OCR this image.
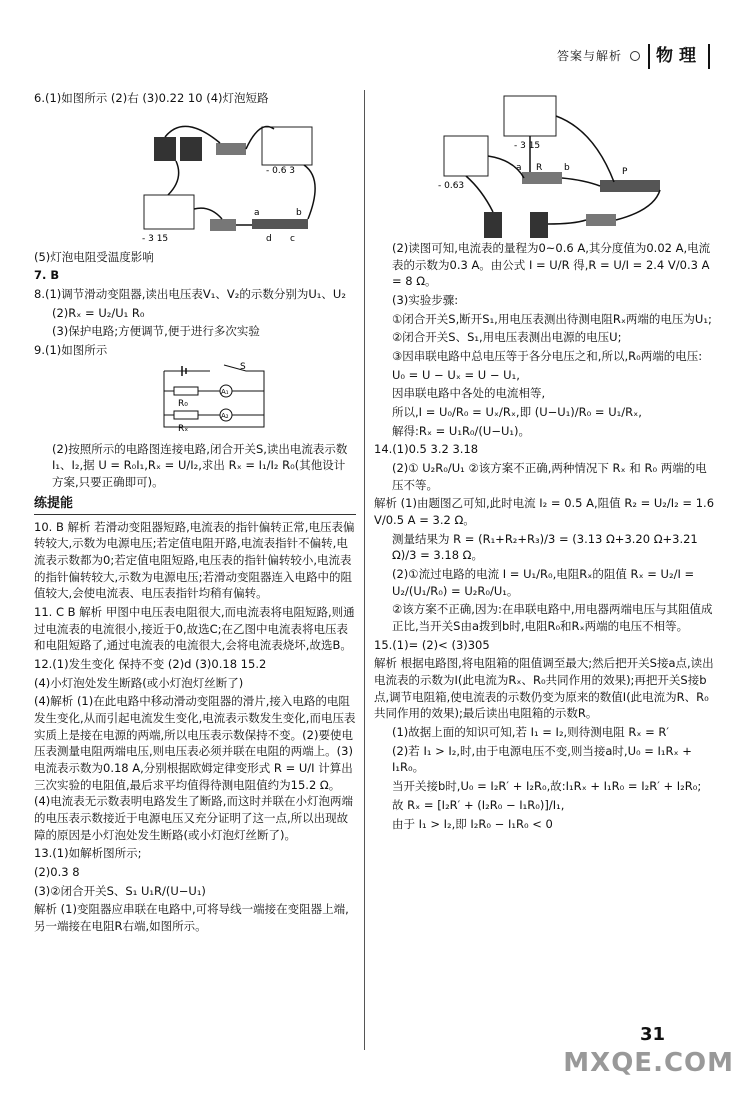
答案与解析	物理

6.(1)如图所示 (2)右 (3)0.22 10 (4)灯泡短路

- 0.6 3
- 3 15
a	b
d c

(5)灯泡电阻受温度影响

7. B

8.(1)调节滑动变阻器,读出电压表V₁、V₂的示数分别为U₁、U₂

(2)Rₓ = U₂/U₁ R₀

(3)保护电路;方便调节,便于进行多次实验

9.(1)如图所示

S
A₁
A₂
R₀
Rₓ

(2)按照所示的电路图连接电路,闭合开关S,读出电流表示数 I₁、I₂,据 U = R₀I₁,Rₓ = U/I₂,求出 Rₓ = I₁/I₂ R₀(其他设计方案,只要正确即可)。

练提能

10. B 解析 若滑动变阻器短路,电流表的指针偏转正常,电压表偏转较大,示数为电源电压;若定值电阻开路,电流表指针不偏转,电流表示数都为0;若定值电阻短路,电压表的指针偏转较小,电流表的指针偏转较大,示数为电源电压;若滑动变阻器连入电路中的阻值较大,会使电流表、电压表指针均稍有偏转。

11. C B 解析 甲图中电压表电阻很大,而电流表将电阻短路,则通过电流表的电流很小,接近于0,故选C;在乙图中电流表将电压表和电阻短路了,通过电流表的电流很大,会将电流表烧坏,故选B。

12.(1)发生变化 保持不变 (2)d (3)0.18 15.2

(4)小灯泡处发生断路(或小灯泡灯丝断了)

(4)解析 (1)在此电路中移动滑动变阻器的滑片,接入电路的电阻发生变化,从而引起电流发生变化,电流表示数发生变化,而电压表实质上是接在电源的两端,所以电压表示数保持不变。(2)要使电压表测量电阻两端电压,则电压表必须并联在电阻的两端上。(3)电流表示数为0.18 A,分别根据欧姆定律变形式 R = U/I 计算出三次实验的电阻值,最后求平均值得待测电阻值约为15.2 Ω。(4)电流表无示数表明电路发生了断路,而这时并联在小灯泡两端的电压表示数接近于电源电压又充分证明了这一点,所以出现故障的原因是小灯泡处发生断路(或小灯泡灯丝断了)。

13.(1)如解析图所示;

(2)0.3 8

(3)②闭合开关S、S₁ U₁R/(U−U₁)

解析 (1)变阻器应串联在电路中,可将导线一端接在变阻器上端,另一端接在电阻R右端,如图所示。

- 3 15
- 0.63
a R b	P

(2)读图可知,电流表的量程为0~0.6 A,其分度值为0.02 A,电流表的示数为0.3 A。由公式 I = U/R 得,R = U/I = 2.4 V/0.3 A = 8 Ω。

(3)实验步骤:

①闭合开关S,断开S₁,用电压表测出待测电阻Rₓ两端的电压为U₁;

②闭合开关S、S₁,用电压表测出电源的电压U;

③因串联电路中总电压等于各分电压之和,所以,R₀两端的电压:

U₀ = U − Uₓ = U − U₁,

因串联电路中各处的电流相等,

所以,I = U₀/R₀ = Uₓ/Rₓ,即 (U−U₁)/R₀ = U₁/Rₓ,

解得:Rₓ = U₁R₀/(U−U₁)。

14.(1)0.5 3.2 3.18

(2)① U₂R₀/U₁ ②该方案不正确,两种情况下 Rₓ 和 R₀ 两端的电压不等。

解析 (1)由题图乙可知,此时电流 I₂ = 0.5 A,阻值 R₂ = U₂/I₂ = 1.6 V/0.5 A = 3.2 Ω。

测量结果为 R = (R₁+R₂+R₃)/3 = (3.13 Ω+3.20 Ω+3.21 Ω)/3 = 3.18 Ω。

(2)①流过电路的电流 I = U₁/R₀,电阻Rₓ的阻值 Rₓ = U₂/I = U₂/(U₁/R₀) = U₂R₀/U₁。

②该方案不正确,因为:在串联电路中,用电器两端电压与其阻值成正比,当开关S由a拨到b时,电阻R₀和Rₓ两端的电压不相等。

15.(1)= (2)< (3)305

解析 根据电路图,将电阻箱的阻值调至最大;然后把开关S接a点,读出电流表的示数为I(此电流为Rₓ、R₀共同作用的效果);再把开关S接b点,调节电阻箱,使电流表的示数仍变为原来的数值I(此电流为R、R₀共同作用的效果);最后读出电阻箱的示数R。

(1)故据上面的知识可知,若 I₁ = I₂,则待测电阻 Rₓ = R′

(2)若 I₁ > I₂,时,由于电源电压不变,则当接a时,U₀ = I₁Rₓ + I₁R₀。

当开关接b时,U₀ = I₂R′ + I₂R₀,故:I₁Rₓ + I₁R₀ = I₂R′ + I₂R₀;

故 Rₓ = [I₂R′ + (I₂R₀ − I₁R₀)]/I₁,

由于 I₁ > I₂,即 I₂R₀ − I₁R₀ < 0

31
MXQE.COM
